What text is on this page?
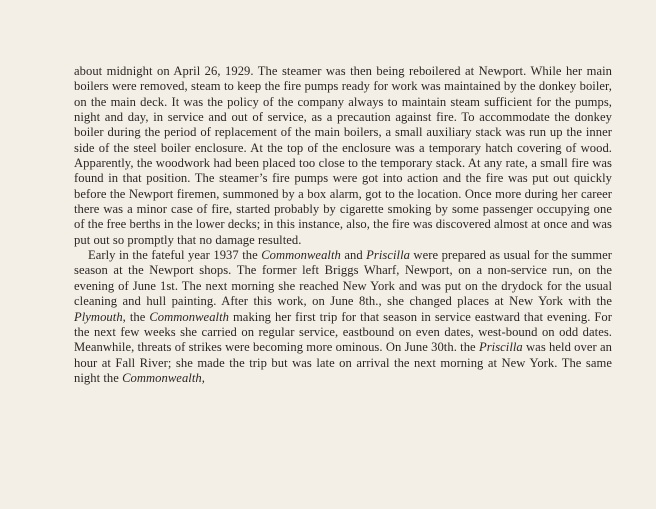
about midnight on April 26, 1929. The steamer was then being reboilered at Newport. While her main boilers were removed, steam to keep the fire pumps ready for work was maintained by the donkey boiler, on the main deck. It was the policy of the company always to maintain steam sufficient for the pumps, night and day, in service and out of service, as a precaution against fire. To accommodate the donkey boiler during the period of replacement of the main boilers, a small auxiliary stack was run up the inner side of the steel boiler enclosure. At the top of the enclosure was a temporary hatch covering of wood. Apparently, the woodwork had been placed too close to the temporary stack. At any rate, a small fire was found in that position. The steamer’s fire pumps were got into action and the fire was put out quickly before the Newport firemen, summoned by a box alarm, got to the location. Once more during her career there was a minor case of fire, started probably by cigarette smoking by some passenger occupying one of the free berths in the lower decks; in this instance, also, the fire was discovered almost at once and was put out so promptly that no damage resulted.

Early in the fateful year 1937 the Commonwealth and Priscilla were prepared as usual for the summer season at the Newport shops. The former left Briggs Wharf, Newport, on a non-service run, on the evening of June 1st. The next morning she reached New York and was put on the drydock for the usual cleaning and hull painting. After this work, on June 8th., she changed places at New York with the Plymouth, the Commonwealth making her first trip for that season in service eastward that evening. For the next few weeks she carried on regular service, eastbound on even dates, west-bound on odd dates. Meanwhile, threats of strikes were becoming more ominous. On June 30th. the Priscilla was held over an hour at Fall River; she made the trip but was late on arrival the next morning at New York. The same night the Commonwealth,
